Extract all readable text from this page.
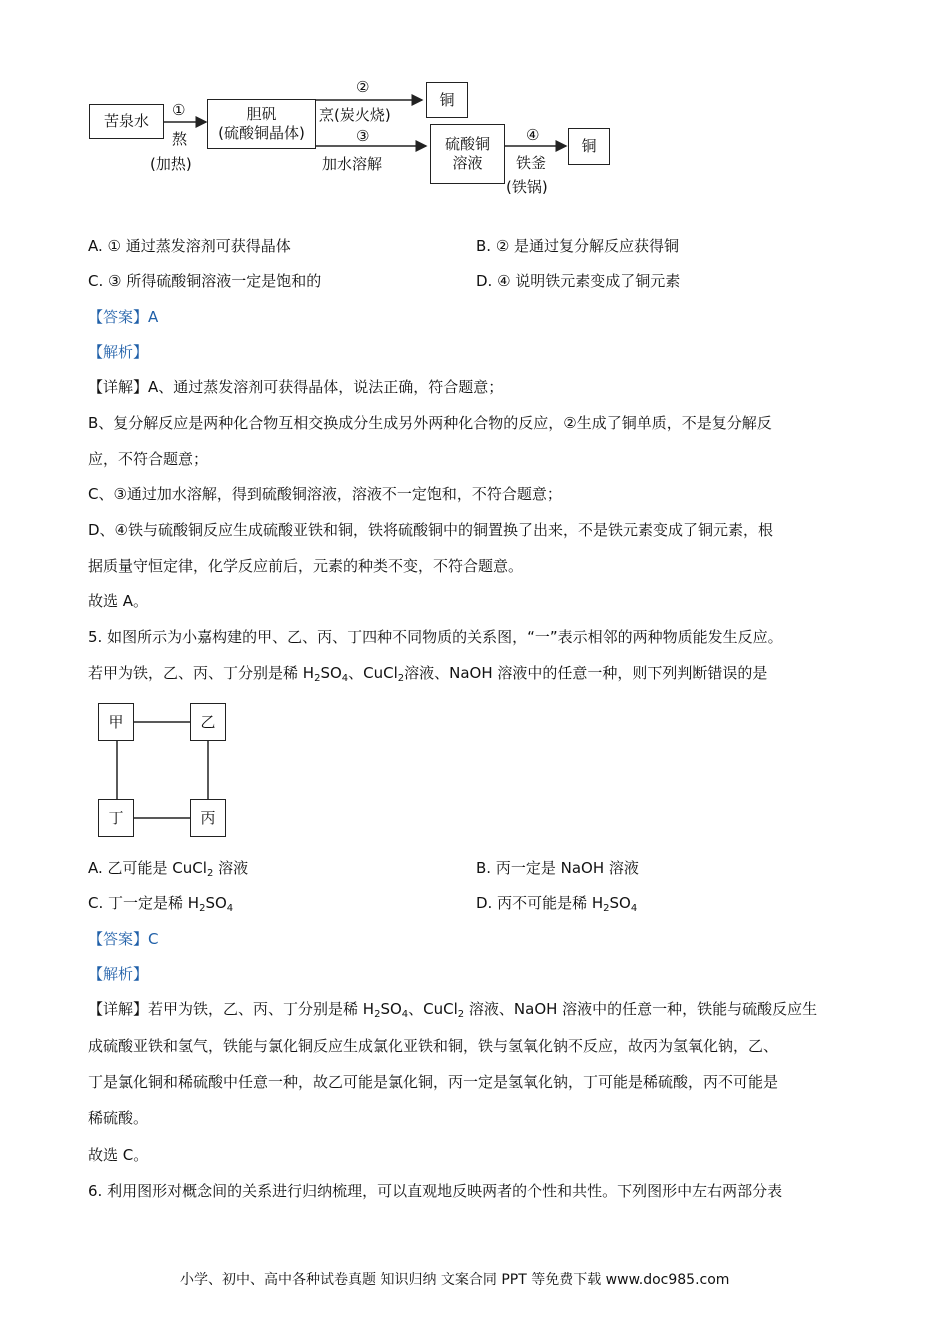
苦泉水	胆矾
(硫酸铜晶体)
铜
硫酸铜
溶液
铜
①
熬
(加热)
②
烹(炭火烧)
③
加水溶解
④
铁釜
(铁锅)
A. ① 通过蒸发溶剂可获得晶体	B. ② 是通过复分解反应获得铜
C. ③ 所得硫酸铜溶液一定是饱和的	D. ④ 说明铁元素变成了铜元素
【答案】A
【解析】
【详解】A、通过蒸发溶剂可获得晶体，说法正确，符合题意；
B、复分解反应是两种化合物互相交换成分生成另外两种化合物的反应，②生成了铜单质，不是复分解反
应，不符合题意；
C、③通过加水溶解，得到硫酸铜溶液，溶液不一定饱和，不符合题意；
D、④铁与硫酸铜反应生成硫酸亚铁和铜，铁将硫酸铜中的铜置换了出来，不是铁元素变成了铜元素，根
据质量守恒定律，化学反应前后，元素的种类不变，不符合题意。
故选 A。
5. 如图所示为小嘉构建的甲、乙、丙、丁四种不同物质的关系图，“一”表示相邻的两种物质能发生反应。
若甲为铁，乙、丙、丁分别是稀 $H_2SO_4$、CuCl$_2$溶液、NaOH 溶液中的任意一种，则下列判断错误的是
甲	乙
丁	丙
A. 乙可能是 CuCl$_2$ 溶液	B. 丙一定是 NaOH 溶液
C. 丁一定是稀 $H_2SO_4$	D. 丙不可能是稀 $H_2SO_4$
【答案】C
【解析】
【详解】若甲为铁，乙、丙、丁分别是稀 $H_2SO_4$、CuCl$_2$ 溶液、NaOH 溶液中的任意一种，铁能与硫酸反应生
成硫酸亚铁和氢气，铁能与氯化铜反应生成氯化亚铁和铜，铁与氢氧化钠不反应，故丙为氢氧化钠，乙、
丁是氯化铜和稀硫酸中任意一种，故乙可能是氯化铜，丙一定是氢氧化钠，丁可能是稀硫酸，丙不可能是
稀硫酸。
故选 C。
6. 利用图形对概念间的关系进行归纳梳理，可以直观地反映两者的个性和共性。下列图形中左右两部分表
小学、初中、高中各种试卷真题 知识归纳 文案合同 PPT 等免费下载 www.doc985.com
